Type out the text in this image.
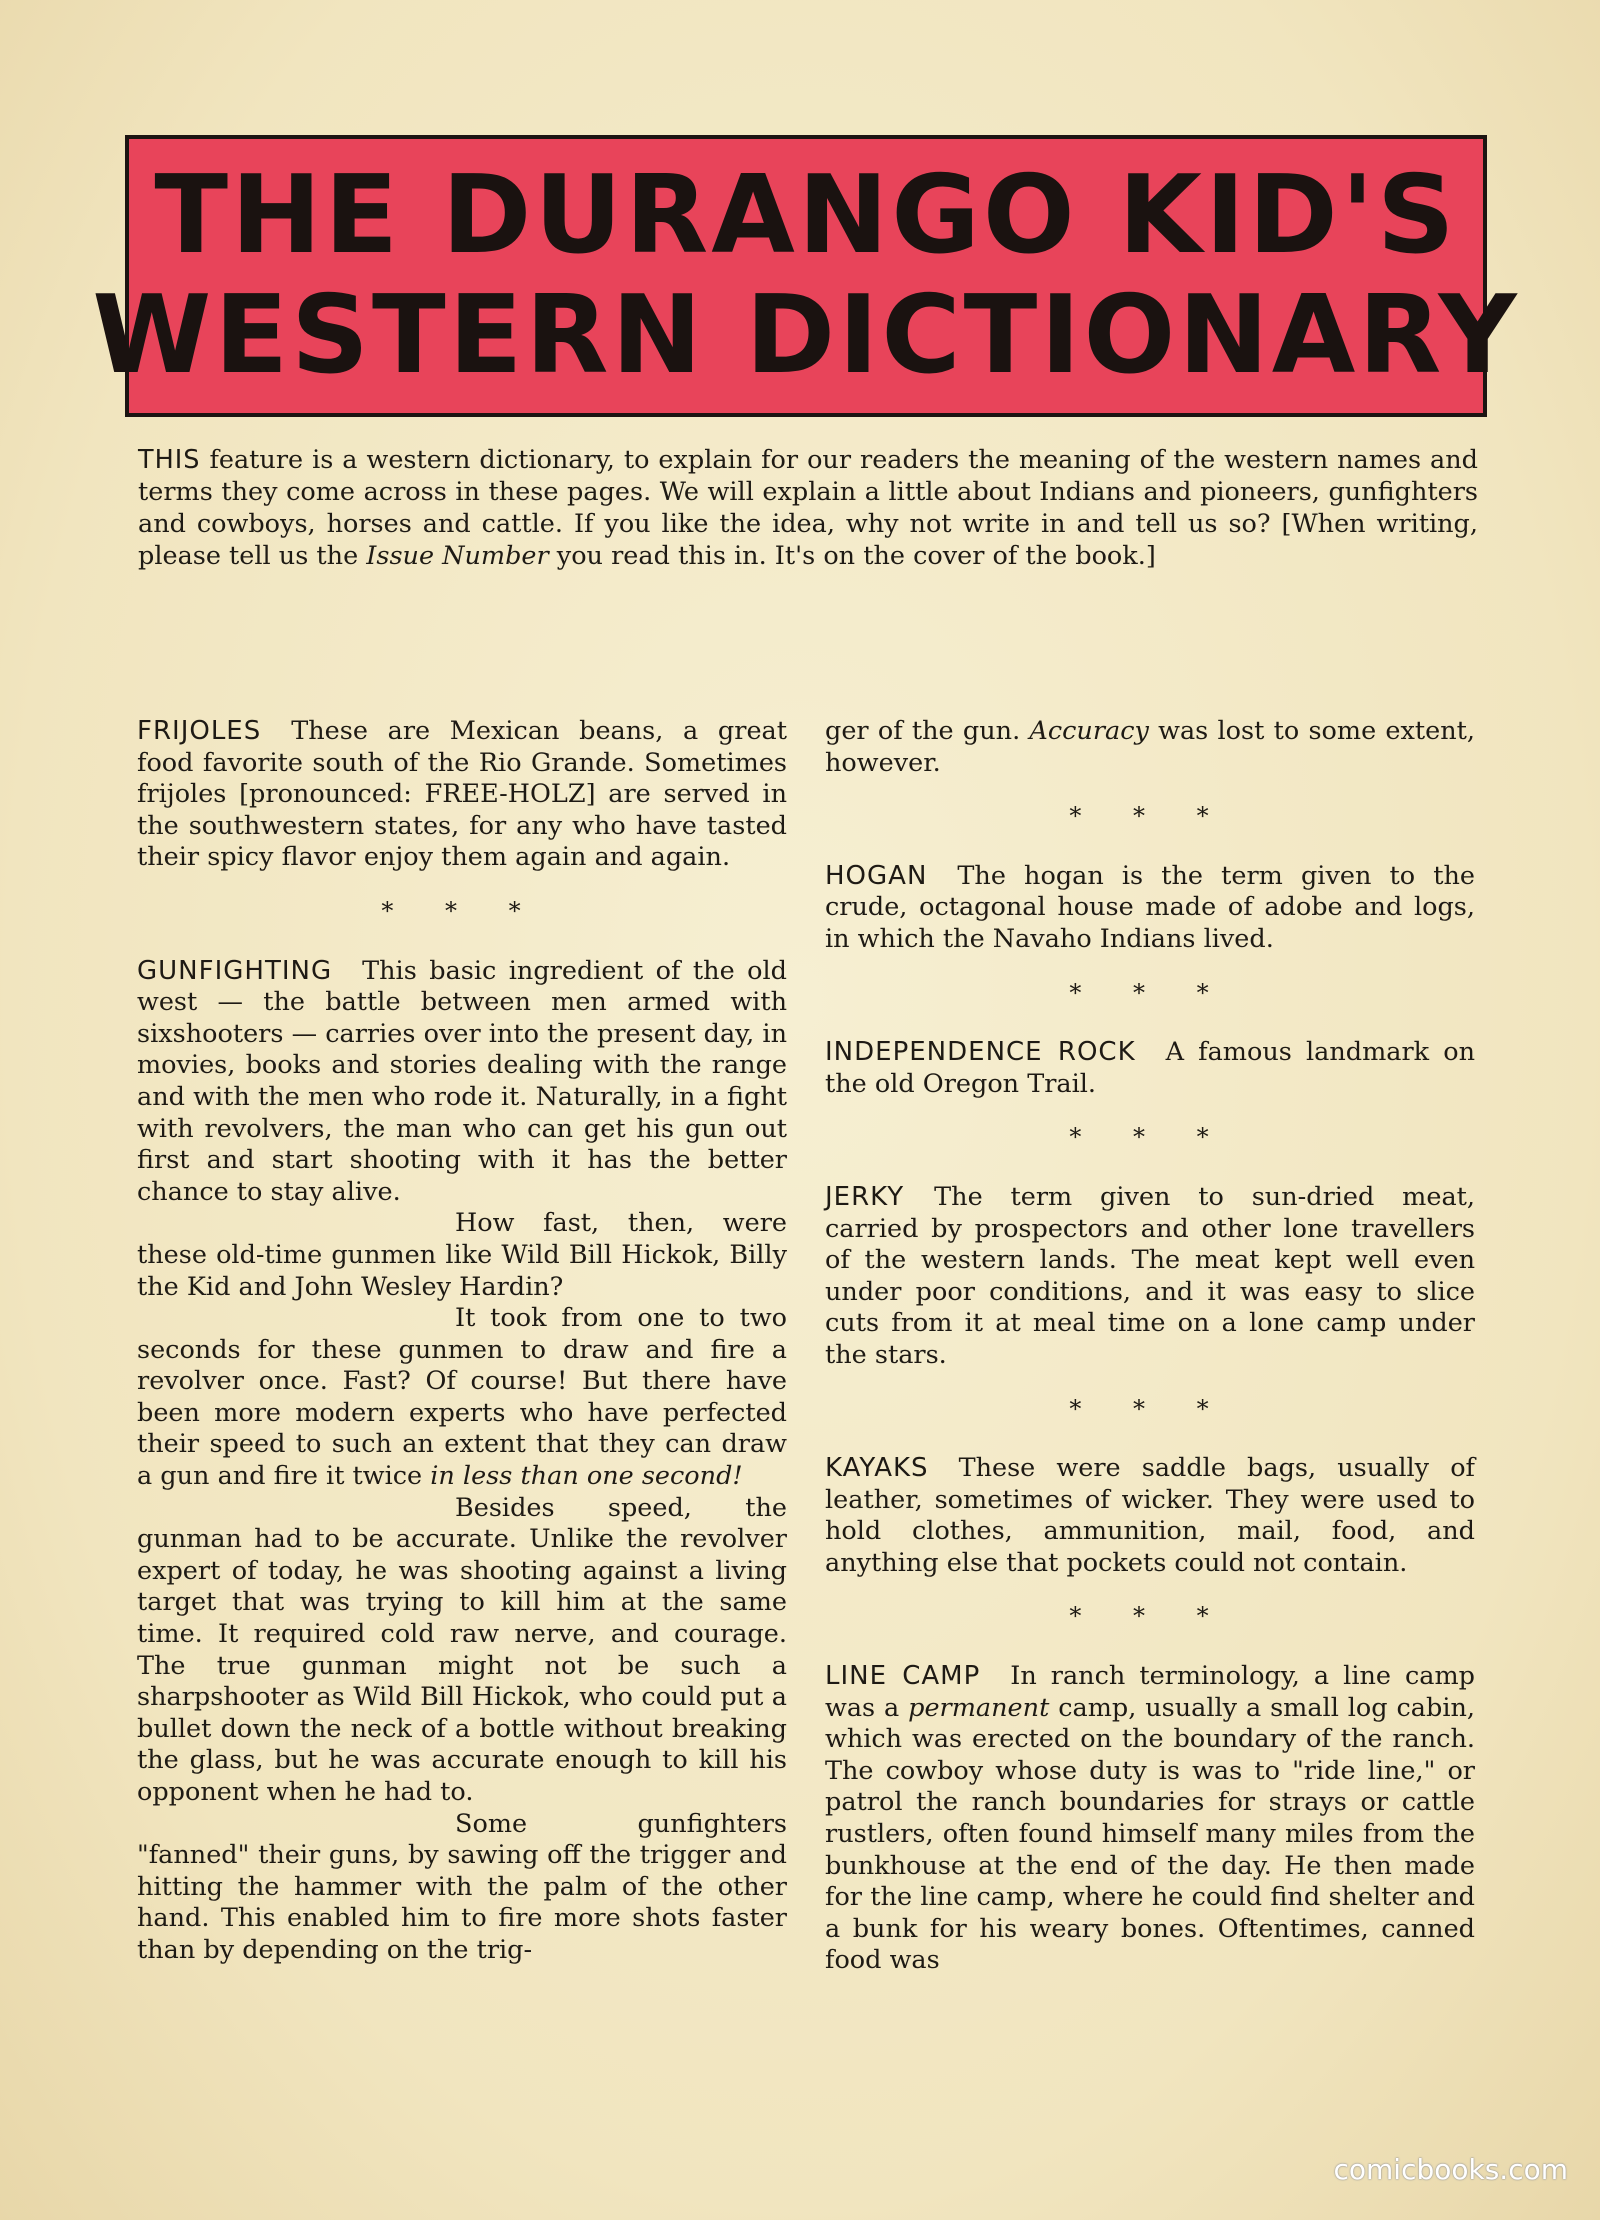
THE DURANGO KID'S
WESTERN DICTIONARY
THIS feature is a western dictionary, to explain for our readers the meaning of the western names and terms they come across in these pages. We will explain a little about Indians and pioneers, gunfighters and cowboys, horses and cattle. If you like the idea, why not write in and tell us so? [When writing, please tell us the Issue Number you read this in. It's on the cover of the book.]

FRIJOLES These are Mexican beans, a great food favorite south of the Rio Grande. Sometimes frijoles [pronounced: FREE-HOLZ] are served in the southwestern states, for any who have tasted their spicy flavor enjoy them again and again.

* * *

GUNFIGHTING This basic ingredient of the old west — the battle between men armed with sixshooters — carries over into the present day, in movies, books and stories dealing with the range and with the men who rode it. Naturally, in a fight with revolvers, the man who can get his gun out first and start shooting with it has the better chance to stay alive.

How fast, then, were these old-time gunmen like Wild Bill Hickok, Billy the Kid and John Wesley Hardin?

It took from one to two seconds for these gunmen to draw and fire a revolver once. Fast? Of course! But there have been more modern experts who have perfected their speed to such an extent that they can draw a gun and fire it twice in less than one second!

Besides speed, the gunman had to be accurate. Unlike the revolver expert of today, he was shooting against a living target that was trying to kill him at the same time. It required cold raw nerve, and courage. The true gunman might not be such a sharpshooter as Wild Bill Hickok, who could put a bullet down the neck of a bottle without breaking the glass, but he was accurate enough to kill his opponent when he had to.

Some gunfighters "fanned" their guns, by sawing off the trigger and hitting the hammer with the palm of the other hand. This enabled him to fire more shots faster than by depending on the trig-

ger of the gun. Accuracy was lost to some extent, however.

* * *

HOGAN The hogan is the term given to the crude, octagonal house made of adobe and logs, in which the Navaho Indians lived.

* * *

INDEPENDENCE ROCK A famous landmark on the old Oregon Trail.

* * *

JERKY The term given to sun-dried meat, carried by prospectors and other lone travellers of the western lands. The meat kept well even under poor conditions, and it was easy to slice cuts from it at meal time on a lone camp under the stars.

* * *

KAYAKS These were saddle bags, usually of leather, sometimes of wicker. They were used to hold clothes, ammunition, mail, food, and anything else that pockets could not contain.

* * *

LINE CAMP In ranch terminology, a line camp was a permanent camp, usually a small log cabin, which was erected on the boundary of the ranch. The cowboy whose duty is was to "ride line," or patrol the ranch boundaries for strays or cattle rustlers, often found himself many miles from the bunkhouse at the end of the day. He then made for the line camp, where he could find shelter and a bunk for his weary bones. Oftentimes, canned food was

comicbooks.com
